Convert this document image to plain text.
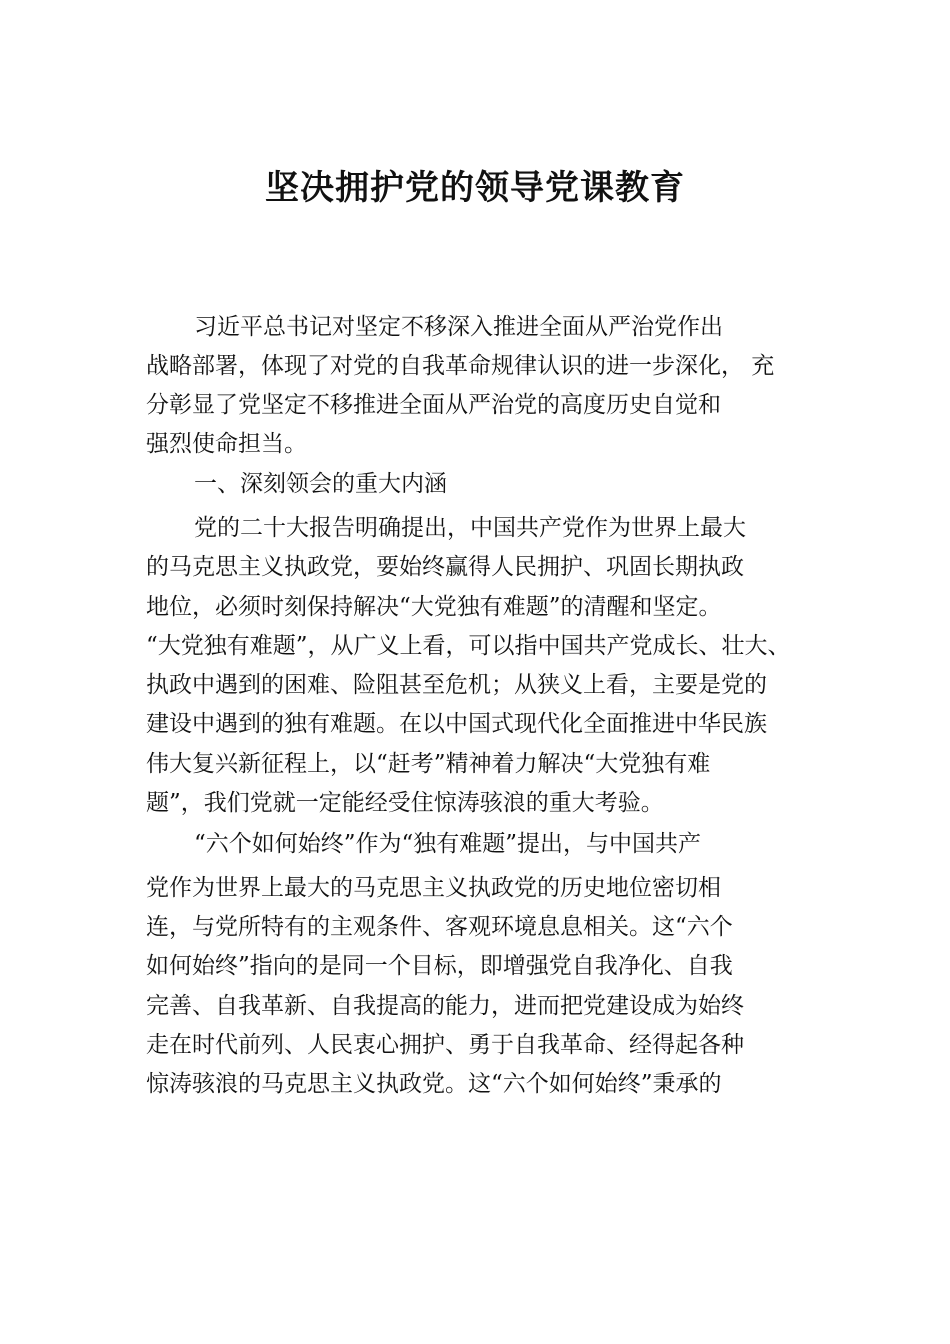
坚决拥护党的领导党课教育
习近平总书记对坚定不移深入推进全面从严治党作出
战略部署，体现了对党的自我革命规律认识的进一步深化， 充
分彰显了党坚定不移推进全面从严治党的高度历史自觉和
强烈使命担当。
一、深刻领会的重大内涵
党的二十大报告明确提出，中国共产党作为世界上最大
的马克思主义执政党，要始终赢得人民拥护、巩固长期执政
地位，必须时刻保持解决“大党独有难题”的清醒和坚定。
“大党独有难题”，从广义上看，可以指中国共产党成长、壮大、
执政中遇到的困难、险阻甚至危机；从狭义上看，主要是党的
建设中遇到的独有难题。在以中国式现代化全面推进中华民族
伟大复兴新征程上，以“赶考”精神着力解决“大党独有难
题”，我们党就一定能经受住惊涛骇浪的重大考验。
“六个如何始终”作为“独有难题”提出，与中国共产
党作为世界上最大的马克思主义执政党的历史地位密切相
连，与党所特有的主观条件、客观环境息息相关。这“六个
如何始终”指向的是同一个目标，即增强党自我净化、自我
完善、自我革新、自我提高的能力，进而把党建设成为始终
走在时代前列、人民衷心拥护、勇于自我革命、经得起各种
惊涛骇浪的马克思主义执政党。这“六个如何始终”秉承的
